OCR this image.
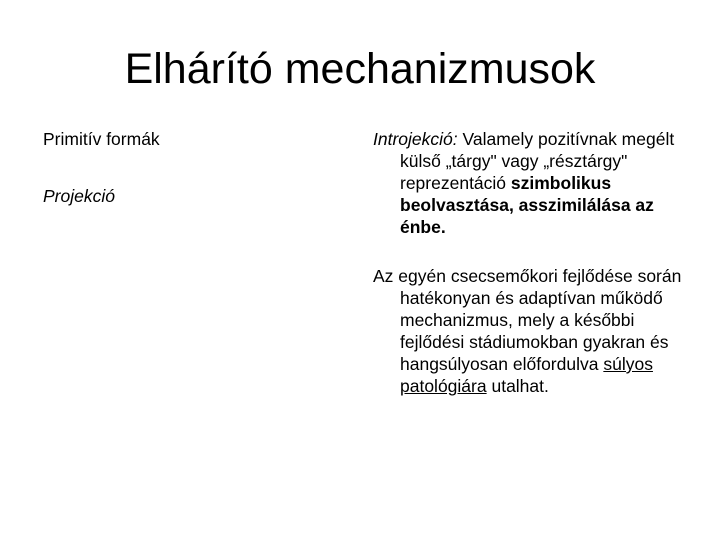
Elhárító mechanizmusok

Primitív formák

Projekció

Introjekció: Valamely pozitívnak megélt külső „tárgy" vagy „résztárgy" reprezentáció szimbolikus beolvasztása, asszimilálása az énbe.

Az egyén csecsemőkori fejlődése során hatékonyan és adaptívan működő mechanizmus, mely a későbbi fejlődési stádiumokban gyakran és hangsúlyosan előfordulva súlyos patológiára utalhat.
